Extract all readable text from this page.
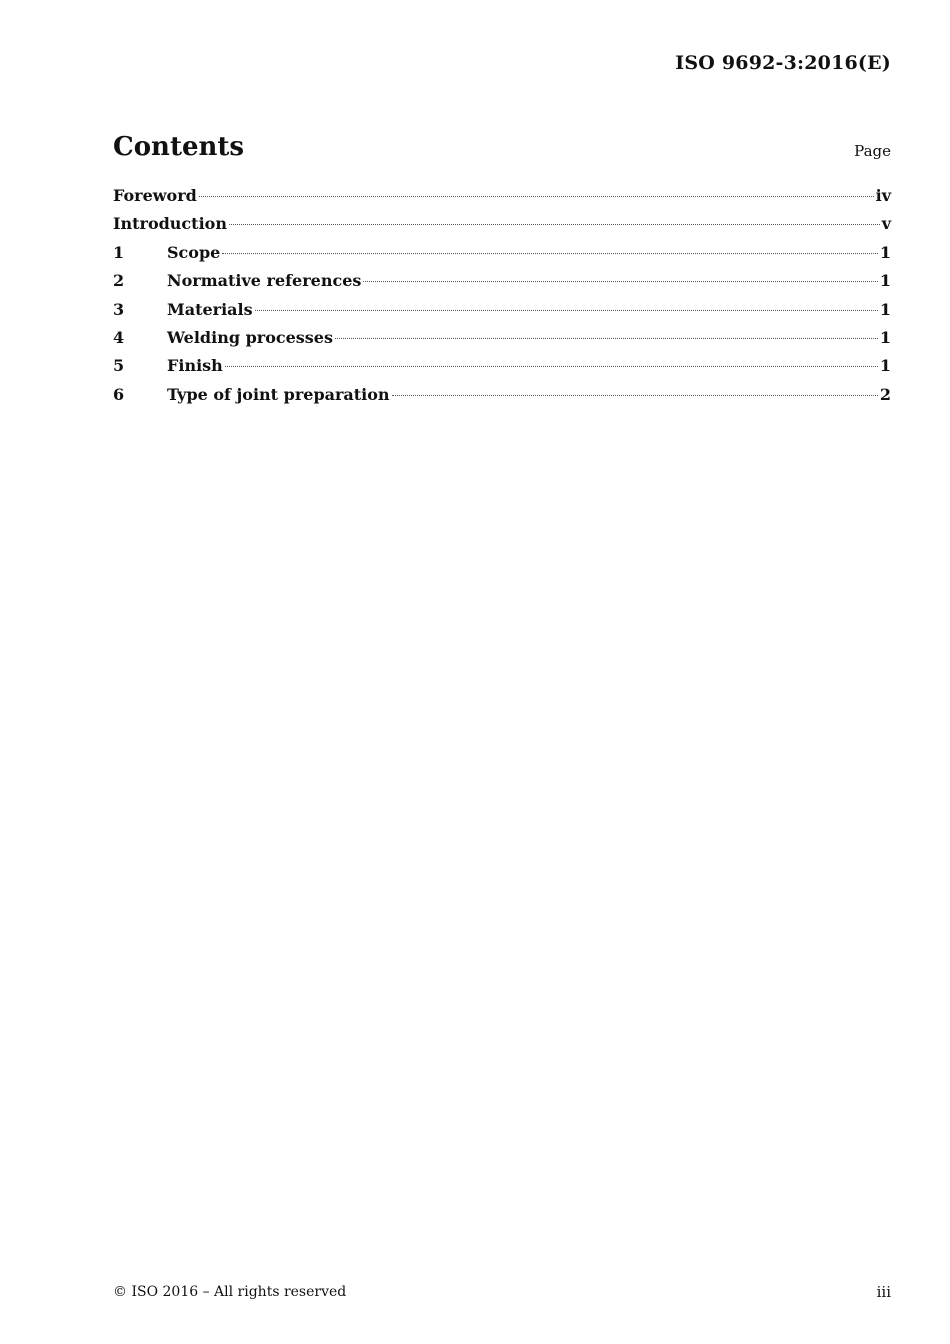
ISO 9692-3:2016(E)
Contents	Page
Foreword	iv
Introduction	v
1	Scope	1
2	Normative references	1
3	Materials	1
4	Welding processes	1
5	Finish	1
6	Type of joint preparation	2
© ISO 2016 – All rights reserved	iii
